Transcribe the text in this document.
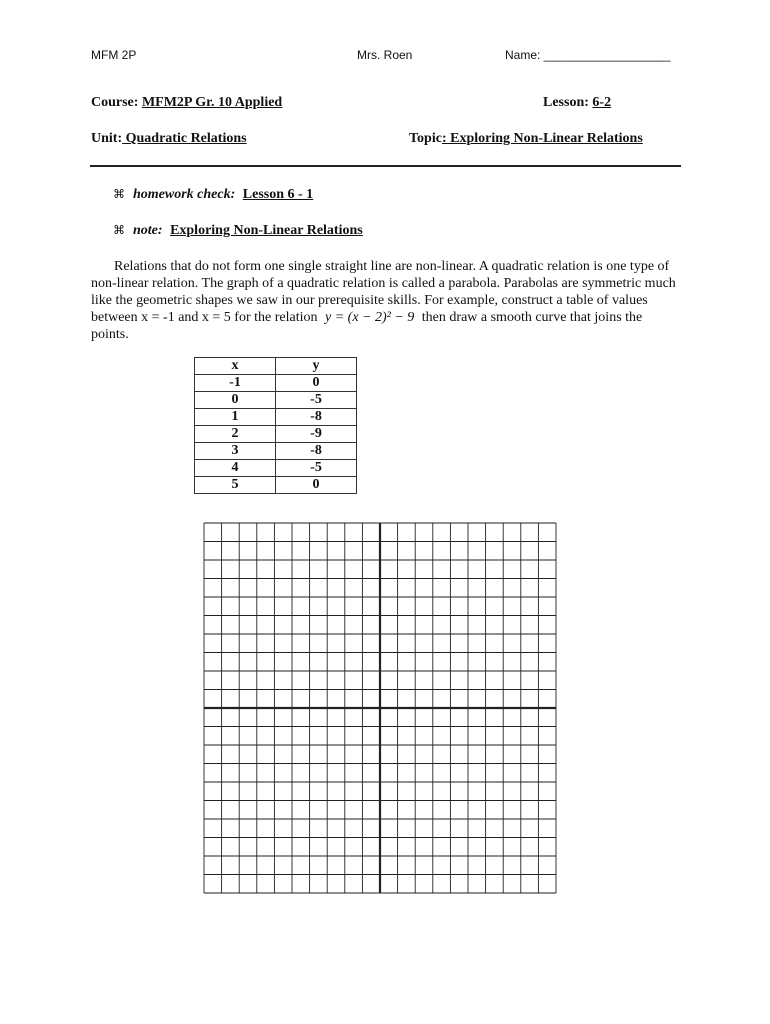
MFM 2P	Mrs. Roen	Name: ___________________
Course: MFM2P Gr. 10 Applied	Lesson: 6-2
Unit: Quadratic Relations	Topic: Exploring Non-Linear Relations
⌘ homework check: Lesson 6 - 1
⌘ note: Exploring Non-Linear Relations
Relations that do not form one single straight line are non-linear. A quadratic relation is one type of non-linear relation. The graph of a quadratic relation is called a parabola. Parabolas are symmetric much like the geometric shapes we saw in our prerequisite skills. For example, construct a table of values between x = -1 and x = 5 for the relation y = (x − 2)² − 9 then draw a smooth curve that joins the points.
x	y
-1	0
0	-5
1	-8
2	-9
3	-8
4	-5
5	0
